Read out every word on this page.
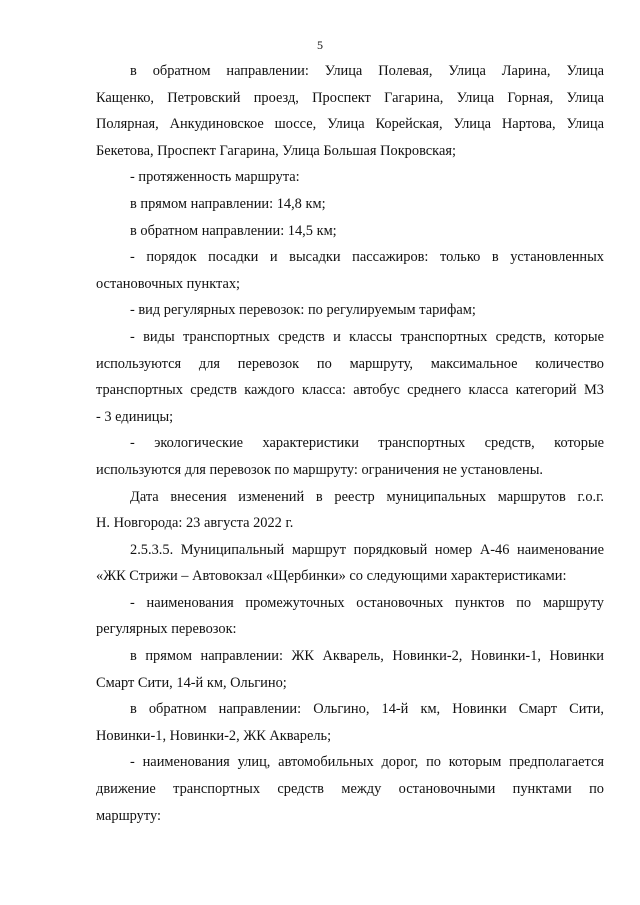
5

в обратном направлении: Улица Полевая, Улица Ларина, Улица
Кащенко, Петровский проезд, Проспект Гагарина, Улица Горная, Улица
Полярная, Анкудиновское шоссе, Улица Корейская, Улица Нартова, Улица
Бекетова, Проспект Гагарина, Улица Большая Покровская;

- протяженность маршрута:

в прямом направлении: 14,8 км;

в обратном направлении: 14,5 км;

- порядок посадки и высадки пассажиров: только в установленных
остановочных пунктах;

- вид регулярных перевозок: по регулируемым тарифам;

- виды транспортных средств и классы транспортных средств, которые
используются для перевозок по маршруту, максимальное количество
транспортных средств каждого класса: автобус среднего класса категорий М3
- 3 единицы;

- экологические характеристики транспортных средств, которые
используются для перевозок по маршруту: ограничения не установлены.

Дата внесения изменений в реестр муниципальных маршрутов г.о.г.
Н. Новгорода: 23 августа 2022 г.

2.5.3.5. Муниципальный маршрут порядковый номер А-46 наименование
«ЖК Стрижи – Автовокзал «Щербинки» со следующими характеристиками:

- наименования промежуточных остановочных пунктов по маршруту
регулярных перевозок:

в прямом направлении: ЖК Акварель, Новинки-2, Новинки-1, Новинки
Смарт Сити, 14-й км, Ольгино;

в обратном направлении: Ольгино, 14-й км, Новинки Смарт Сити,
Новинки-1, Новинки-2, ЖК Акварель;

- наименования улиц, автомобильных дорог, по которым предполагается
движение транспортных средств между остановочными пунктами по
маршруту:
